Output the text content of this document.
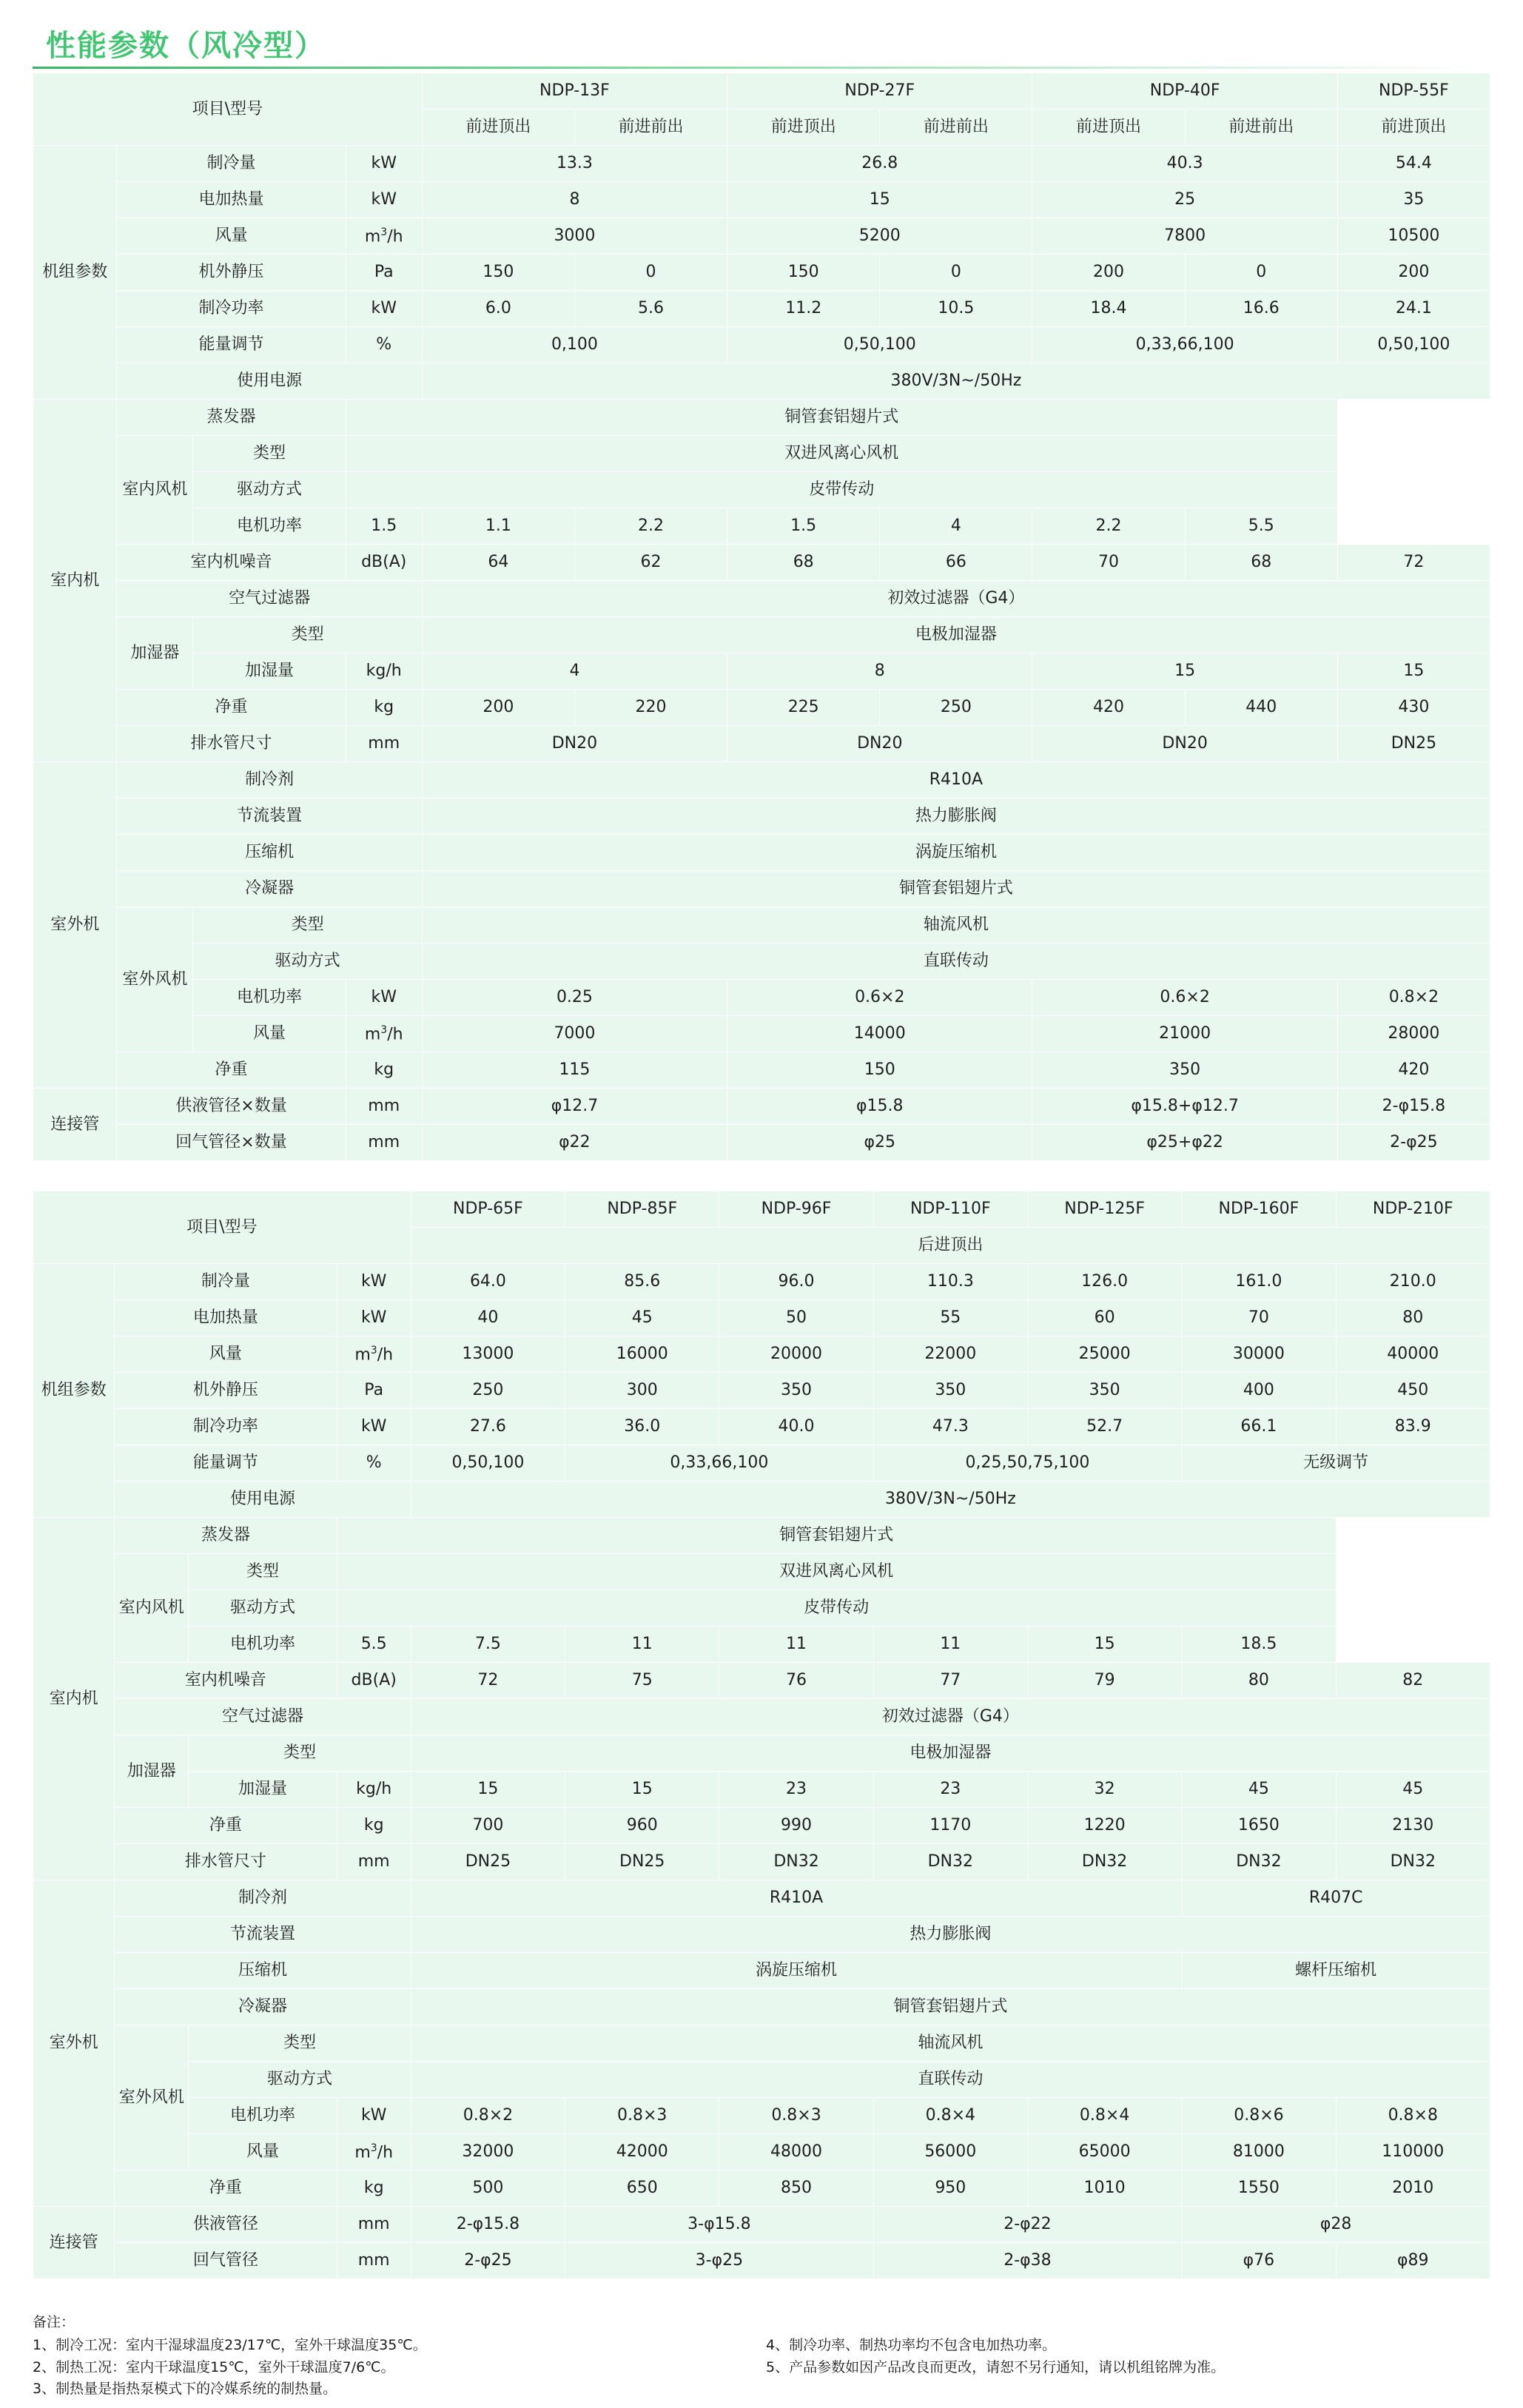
性能参数（风冷型）
项目\型号				NDP-13F		NDP-27F		NDP-40F		NDP-55F
				前进顶出	前进前出	前进顶出	前进前出	前进顶出	前进前出	前进顶出
机组参数	制冷量		kW	13.3		26.8		40.3		54.4
	电加热量		kW	8		15		25		35
	风量		$m^3/h$	3000		5200		7800		10500
	机外静压		Pa	150	0	150	0	200	0	200
	制冷功率		kW	6.0	5.6	11.2	10.5	18.4	16.6	24.1
	能量调节		%	0,100		0,50,100		0,33,66,100		0,50,100
	使用电源			380V/3N~/50Hz						
室内机	蒸发器		铜管套铝翅片式							
	室内风机	类型	双进风离心风机							
		驱动方式	皮带传动							
		电机功率	1.5	1.1	2.2	1.5	4	2.2	5.5	
	室内机噪音		dB(A)	64	62	68	66	70	68	72
	空气过滤器			初效过滤器（G4）						
	加湿器	类型		电极加湿器						
		加湿量	kg/h	4		8		15		15
	净重		kg	200	220	225	250	420	440	430
	排水管尺寸		mm	DN20		DN20		DN20		DN25
室外机	制冷剂			R410A						
	节流装置			热力膨胀阀						
	压缩机			涡旋压缩机						
	冷凝器			铜管套铝翅片式						
	室外风机	类型		轴流风机						
		驱动方式		直联传动						
		电机功率	kW	0.25		0.6×2		0.6×2		0.8×2
		风量	$m^3/h$	7000		14000		21000		28000
	净重		kg	115		150		350		420
连接管	供液管径×数量		mm	φ12.7		φ15.8		φ15.8+φ12.7		2-φ15.8
	回气管径×数量		mm	φ22		φ25		φ25+φ22		2-φ25
项目\型号				NDP-65F	NDP-85F	NDP-96F	NDP-110F	NDP-125F	NDP-160F	NDP-210F
				后进顶出						
机组参数	制冷量		kW	64.0	85.6	96.0	110.3	126.0	161.0	210.0
	电加热量		kW	40	45	50	55	60	70	80
	风量		$m^3/h$	13000	16000	20000	22000	25000	30000	40000
	机外静压		Pa	250	300	350	350	350	400	450
	制冷功率		kW	27.6	36.0	40.0	47.3	52.7	66.1	83.9
	能量调节		%	0,50,100	0,33,66,100		0,25,50,75,100		无级调节	
	使用电源			380V/3N~/50Hz						
室内机	蒸发器		铜管套铝翅片式							
	室内风机	类型	双进风离心风机							
		驱动方式	皮带传动							
		电机功率	5.5	7.5	11	11	11	15	18.5	
	室内机噪音		dB(A)	72	75	76	77	79	80	82
	空气过滤器			初效过滤器（G4）						
	加湿器	类型		电极加湿器						
		加湿量	kg/h	15	15	23	23	32	45	45
	净重		kg	700	960	990	1170	1220	1650	2130
	排水管尺寸		mm	DN25	DN25	DN32	DN32	DN32	DN32	DN32
室外机	制冷剂			R410A					R407C	
	节流装置			热力膨胀阀						
	压缩机			涡旋压缩机					螺杆压缩机	
	冷凝器			铜管套铝翅片式						
	室外风机	类型		轴流风机						
		驱动方式		直联传动						
		电机功率	kW	0.8×2	0.8×3	0.8×3	0.8×4	0.8×4	0.8×6	0.8×8
		风量	$m^3/h$	32000	42000	48000	56000	65000	81000	110000
	净重		kg	500	650	850	950	1010	1550	2010
连接管	供液管径		mm	2-φ15.8	3-φ15.8		2-φ22		φ28	
	回气管径		mm	2-φ25	3-φ25		2-φ38		φ76	φ89
备注：
1、制冷工况：室内干湿球温度23/17℃，室外干球温度35℃。
2、制热工况：室内干球温度15℃，室外干球温度7/6℃。
3、制热量是指热泵模式下的冷媒系统的制热量。
4、制冷功率、制热功率均不包含电加热功率。
5、产品参数如因产品改良而更改，请恕不另行通知，请以机组铭牌为准。
